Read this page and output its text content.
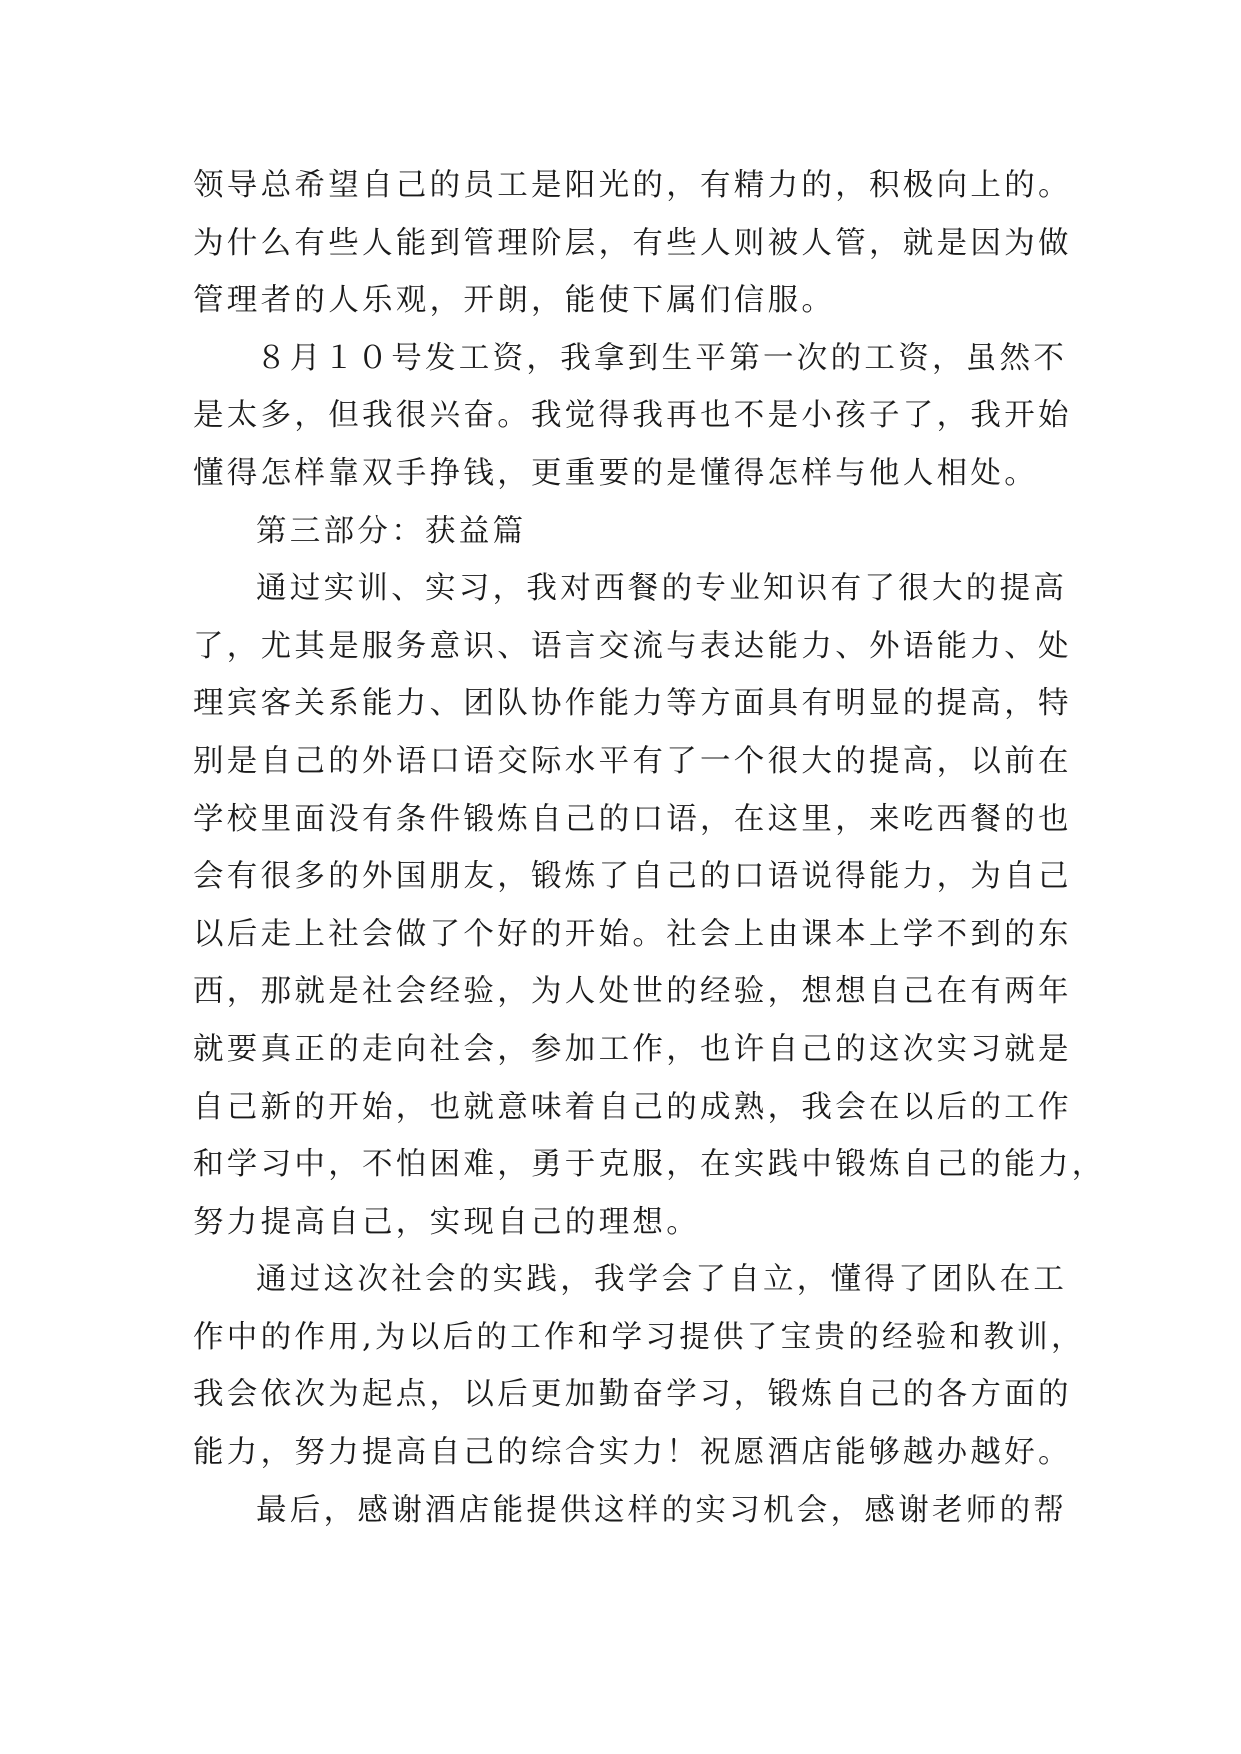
领导总希望自己的员工是阳光的，有精力的，积极向上的。
为什么有些人能到管理阶层，有些人则被人管，就是因为做
管理者的人乐观，开朗，能使下属们信服。
８月１０号发工资，我拿到生平第一次的工资，虽然不
是太多，但我很兴奋。我觉得我再也不是小孩子了，我开始
懂得怎样靠双手挣钱，更重要的是懂得怎样与他人相处。
第三部分：获益篇
通过实训、实习，我对西餐的专业知识有了很大的提高
了，尤其是服务意识、语言交流与表达能力、外语能力、处
理宾客关系能力、团队协作能力等方面具有明显的提高，特
别是自己的外语口语交际水平有了一个很大的提高，以前在
学校里面没有条件锻炼自己的口语，在这里，来吃西餐的也
会有很多的外国朋友，锻炼了自己的口语说得能力，为自己
以后走上社会做了个好的开始。社会上由课本上学不到的东
西，那就是社会经验，为人处世的经验，想想自己在有两年
就要真正的走向社会，参加工作，也许自己的这次实习就是
自己新的开始，也就意味着自己的成熟，我会在以后的工作
和学习中，不怕困难，勇于克服，在实践中锻炼自己的能力，
努力提高自己，实现自己的理想。
通过这次社会的实践，我学会了自立，懂得了团队在工
作中的作用,为以后的工作和学习提供了宝贵的经验和教训，
我会依次为起点，以后更加勤奋学习，锻炼自己的各方面的
能力，努力提高自己的综合实力！祝愿酒店能够越办越好。
最后，感谢酒店能提供这样的实习机会，感谢老师的帮
